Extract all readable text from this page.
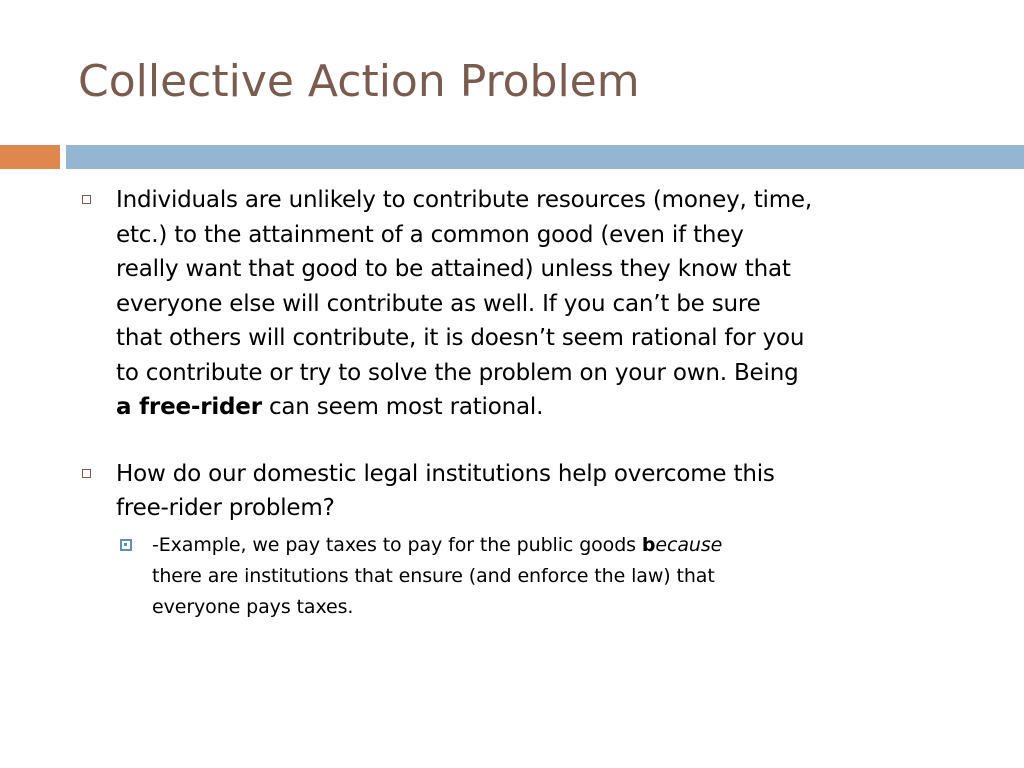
Collective Action Problem
Individuals are unlikely to contribute resources (money, time,
etc.) to the attainment of a common good (even if they
really want that good to be attained) unless they know that
everyone else will contribute as well. If you can’t be sure
that others will contribute, it is doesn’t seem rational for you
to contribute or try to solve the problem on your own. Being
a free-rider can seem most rational.
How do our domestic legal institutions help overcome this
free-rider problem?
-Example, we pay taxes to pay for the public goods because
there are institutions that ensure (and enforce the law) that
everyone pays taxes.
